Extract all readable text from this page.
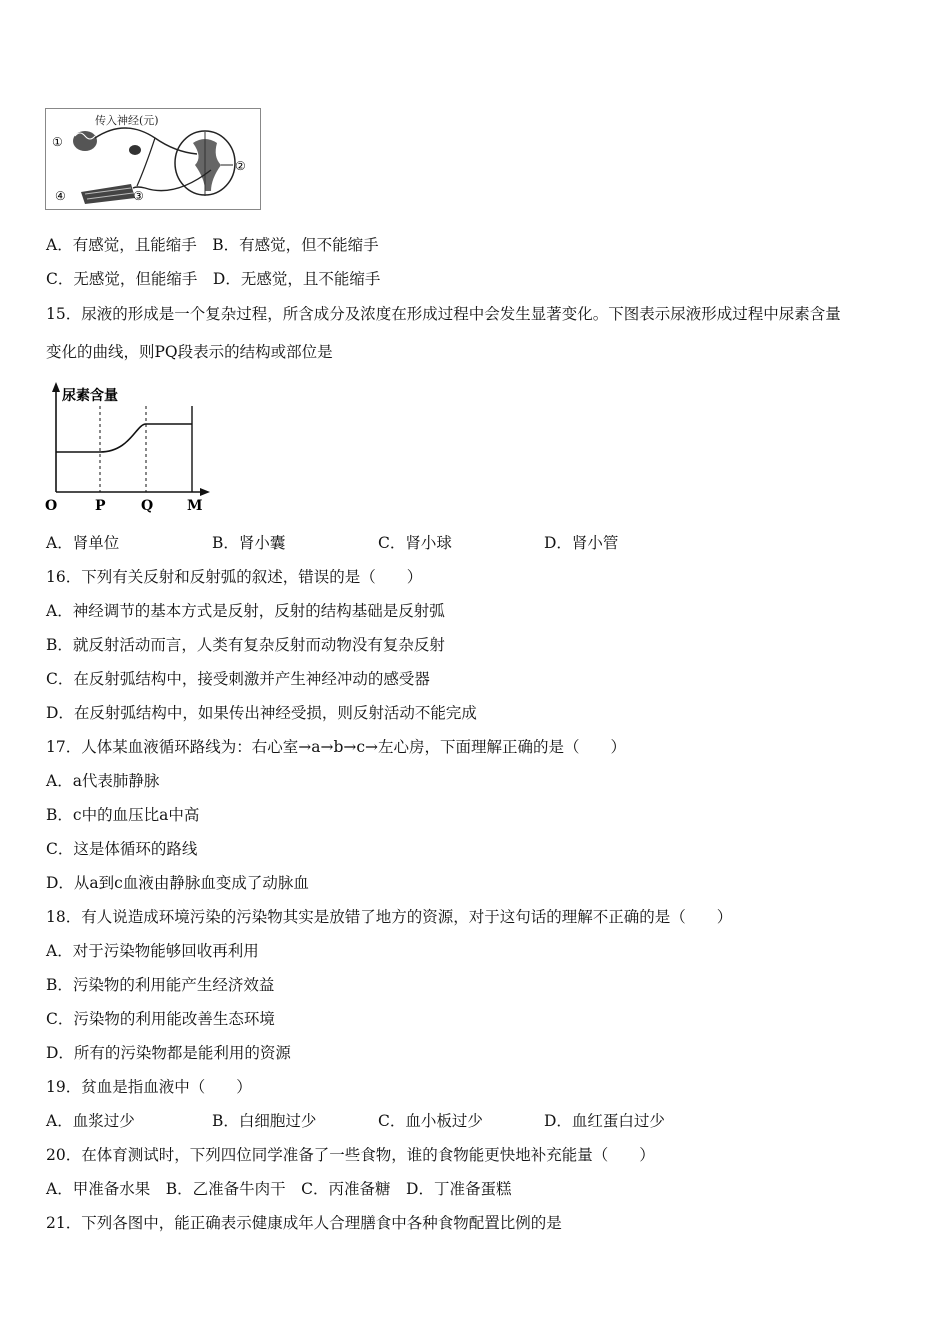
传入神经(元)
①
②
③
④
A．有感觉，且能缩手　 B．有感觉，但不能缩手
C．无感觉，但能缩手　 D．无感觉，且不能缩手
15．尿液的形成是一个复杂过程，所含成分及浓度在形成过程中会发生显著变化。下图表示尿液形成过程中尿素含量
变化的曲线，则PQ段表示的结构或部位是
尿素含量
O	P	Q M
A．肾单位	B．肾小囊	C．肾小球	D．肾小管
16．下列有关反射和反射弧的叙述，错误的是（　　）
A．神经调节的基本方式是反射，反射的结构基础是反射弧
B．就反射活动而言，人类有复杂反射而动物没有复杂反射
C．在反射弧结构中，接受刺激并产生神经冲动的感受器
D．在反射弧结构中，如果传出神经受损，则反射活动不能完成
17．人体某血液循环路线为：右心室→a→b→c→左心房，下面理解正确的是（　　）
A．a代表肺静脉
B．c中的血压比a中高
C．这是体循环的路线
D．从a到c血液由静脉血变成了动脉血
18．有人说造成环境污染的污染物其实是放错了地方的资源，对于这句话的理解不正确的是（　　）
A．对于污染物能够回收再利用
B．污染物的利用能产生经济效益
C．污染物的利用能改善生态环境
D．所有的污染物都是能利用的资源
19．贫血是指血液中（　　）
A．血浆过少	B．白细胞过少	C．血小板过少	D．血红蛋白过少
20．在体育测试时，下列四位同学准备了一些食物，谁的食物能更快地补充能量（　　）
A．甲准备水果　 B．乙准备牛肉干　 C．丙准备糖　 D．丁准备蛋糕
21．下列各图中，能正确表示健康成年人合理膳食中各种食物配置比例的是
